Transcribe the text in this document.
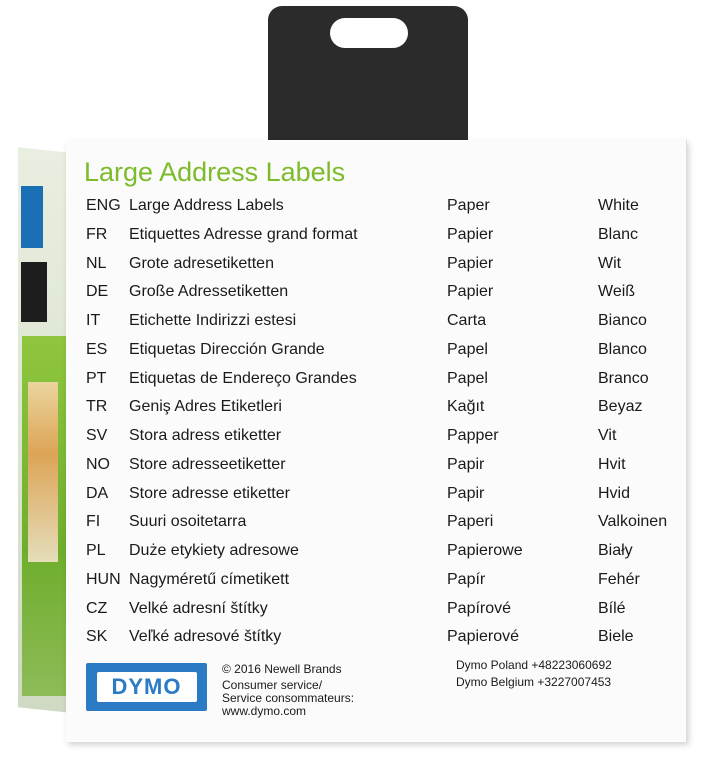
Large Address Labels
ENG Large Address Labels	Paper	White
FR Etiquettes Adresse grand format	Papier	Blanc
NL Grote adresetiketten	Papier	Wit
DE Große Adressetiketten	Papier	Weiß
IT Etichette Indirizzi estesi	Carta	Bianco
ES Etiquetas Dirección Grande	Papel	Blanco
PT Etiquetas de Endereço Grandes	Papel	Branco
TR Geniş Adres Etiketleri	Kağıt	Beyaz
SV Stora adress etiketter	Papper	Vit
NO Store adresseetiketter	Papir	Hvit
DA Store adresse etiketter	Papir	Hvid
FI Suuri osoitetarra	Paperi	Valkoinen
PL Duże etykiety adresowe	Papierowe	Biały
HUN Nagyméretű címetikett	Papír	Fehér
CZ Velké adresní štítky	Papírové	Bílé
SK Veľké adresové štítky	Papierové	Biele
DYMO
© 2016 Newell Brands
Consumer service/
Service consommateurs:
www.dymo.com
Dymo Poland +48223060692
Dymo Belgium +3227007453
